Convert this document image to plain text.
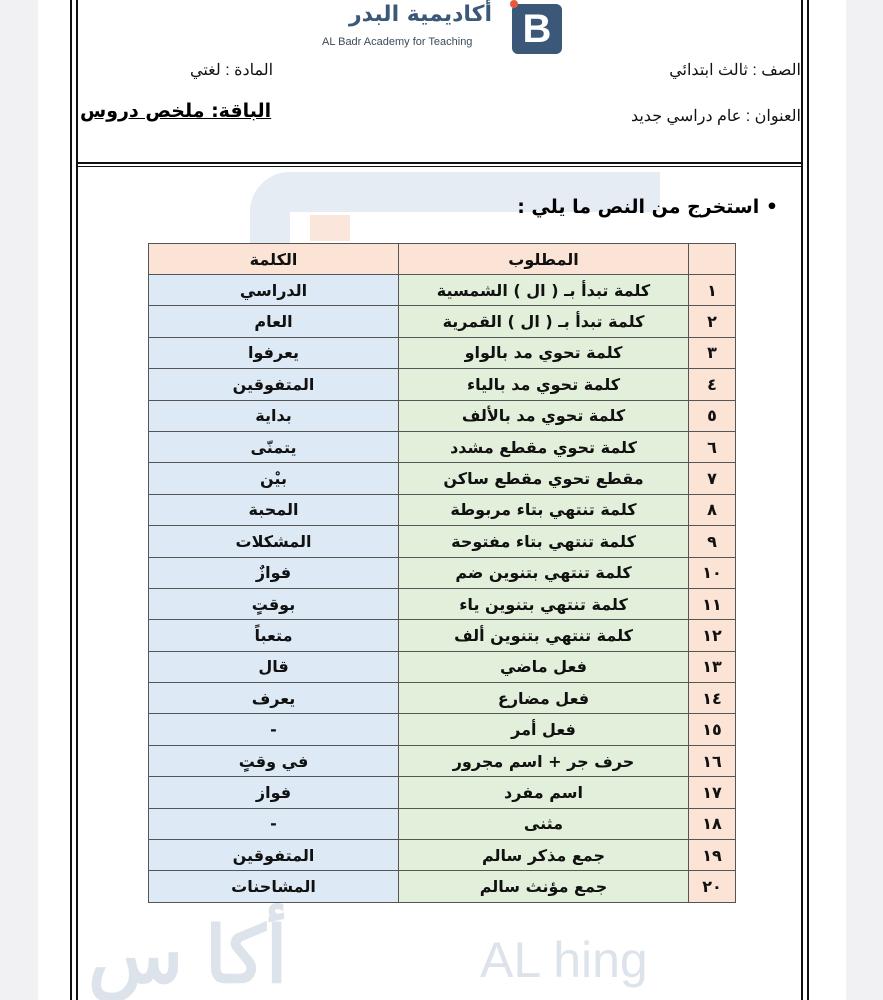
أكا س	AL hing
أكاديمية البدر
AL Badr Academy for Teaching B
الصف : ثالث ابتدائي
المادة : لغتي
العنوان : عام دراسي جديد
الباقة: ملخص دروس
• استخرج من النص ما يلي :
	المطلوب	الكلمة
١	كلمة تبدأ بـ ( ال ) الشمسية	الدراسي
٢	كلمة تبدأ بـ ( ال ) القمرية	العام
٣	كلمة تحوي مد بالواو	يعرفوا
٤	كلمة تحوي مد بالياء	المتفوقين
٥	كلمة تحوي مد بالألف	بداية
٦	كلمة تحوي مقطع مشدد	يتمنّى
٧	مقطع تحوي مقطع ساكن	بيْن
٨	كلمة تنتهي بتاء مربوطة	المحبة
٩	كلمة تنتهي بتاء مفتوحة	المشكلات
١٠	كلمة تنتهي بتنوين ضم	فوازٌ
١١	كلمة تنتهي بتنوين ياء	بوقتٍ
١٢	كلمة تنتهي بتنوين ألف	متعباً
١٣	فعل ماضي	قال
١٤	فعل مضارع	يعرف
١٥	فعل أمر	-
١٦	حرف جر + اسم مجرور	في وقتٍ
١٧	اسم مفرد	فواز
١٨	مثنى	-
١٩	جمع مذكر سالم	المتفوقين
٢٠	جمع مؤنث سالم	المشاحنات
